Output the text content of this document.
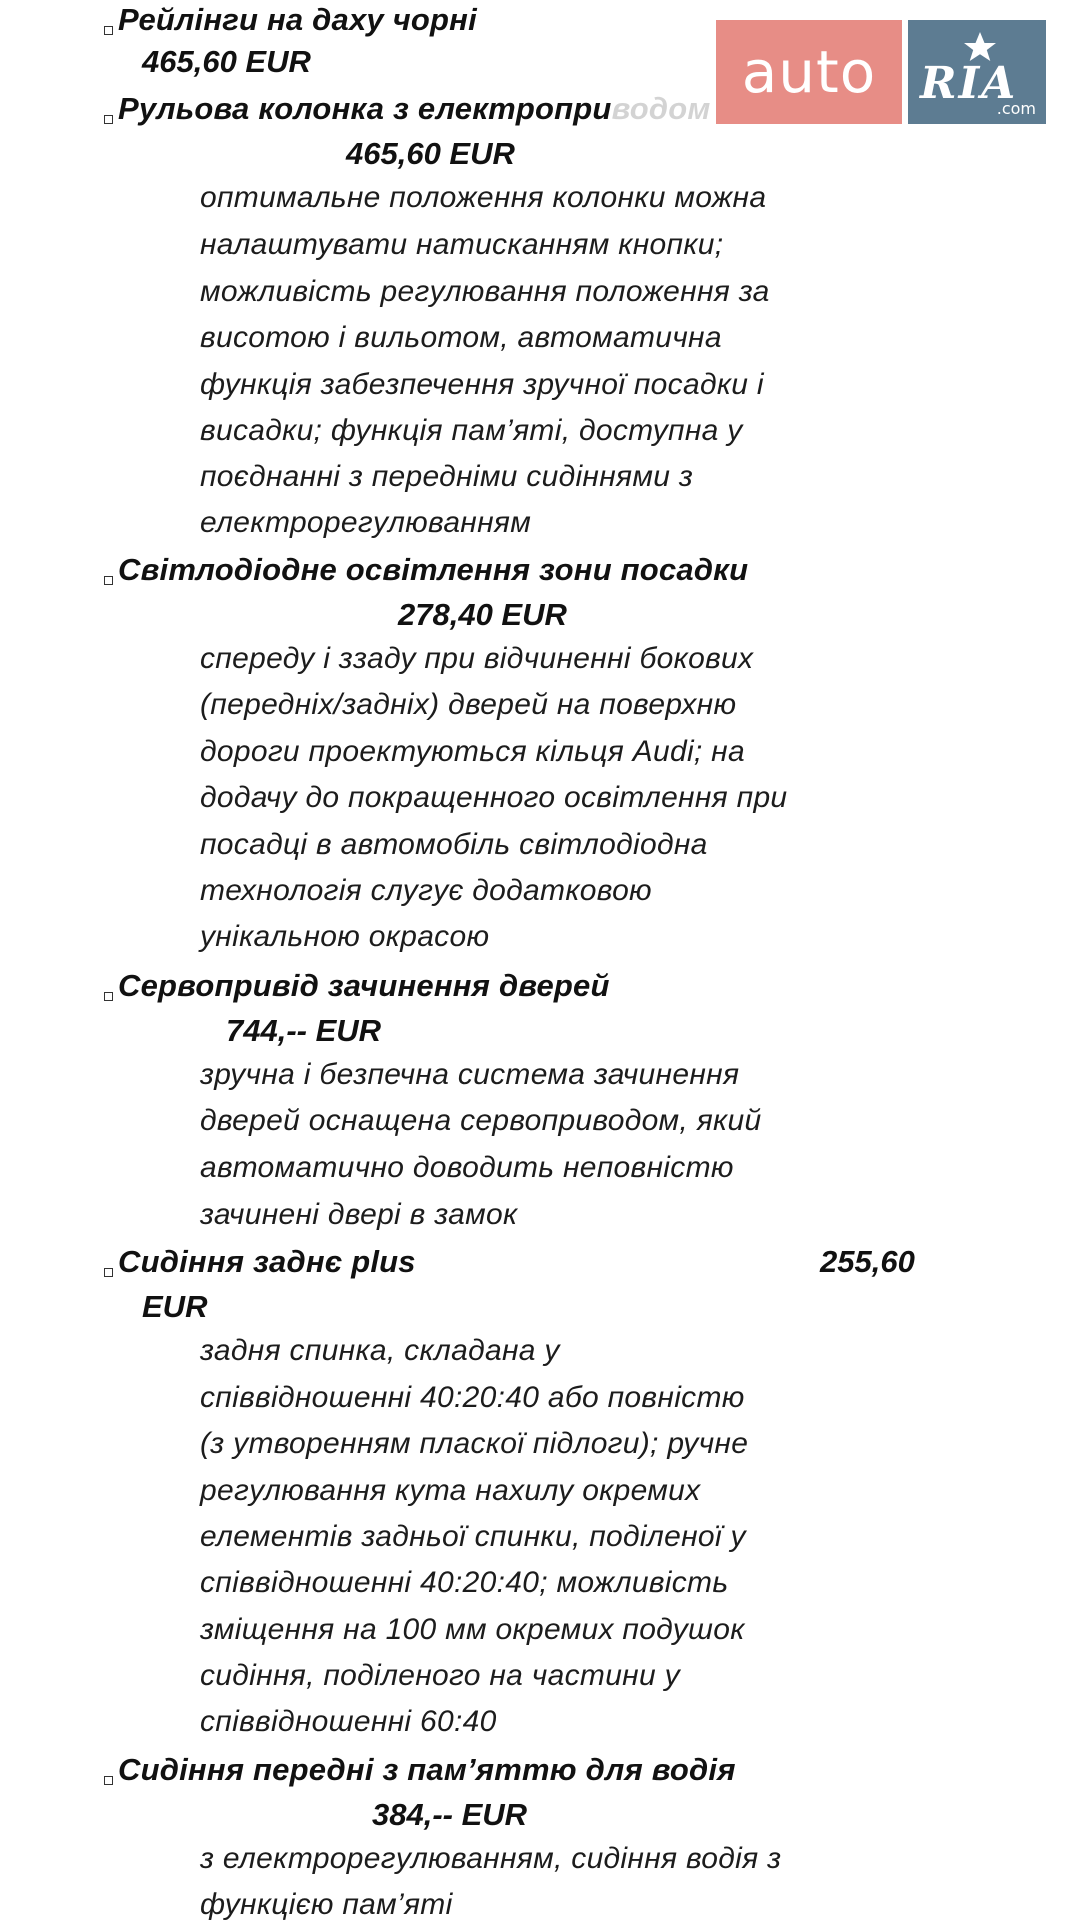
Рейлінги на даху чорні

465,60 EUR

Рульова колонка з електроприводом

465,60 EUR

оптимальне положення колонки можна

налаштувати натисканням кнопки;

можливість регулювання положення за

висотою і вильотом, автоматична

функція забезпечення зручної посадки і

висадки; функція пам’яті, доступна у

поєднанні з передніми сидіннями з

електрорегулюванням

Світлодіодне освітлення зони посадки

278,40 EUR

спереду і ззаду при відчиненні бокових

(передніх/задніх) дверей на поверхню

дороги проектуються кільця Audi; на

додачу до покращенного освітлення при

посадці в автомобіль світлодіодна

технологія слугує додатковою

унікальною окрасою

Сервопривід зачинення дверей

744,-- EUR

зручна і безпечна система зачинення

дверей оснащена сервоприводом, який

автоматично доводить неповністю

зачинені двері в замок

Сидіння заднє plus	255,60

EUR

задня спинка, складана у

співвідношенні 40:20:40 або повністю

(з утворенням пласкої підлоги); ручне

регулювання кута нахилу окремих

елементів задньої спинки, поділеної у

співвідношенні 40:20:40; можливість

зміщення на 100 мм окремих подушок

сидіння, поділеного на частини у

співвідношенні 60:40

Сидіння передні з пам’яттю для водія

384,-- EUR

з електрорегулюванням, сидіння водія з

функцією пам’яті

auto RIA
.com
